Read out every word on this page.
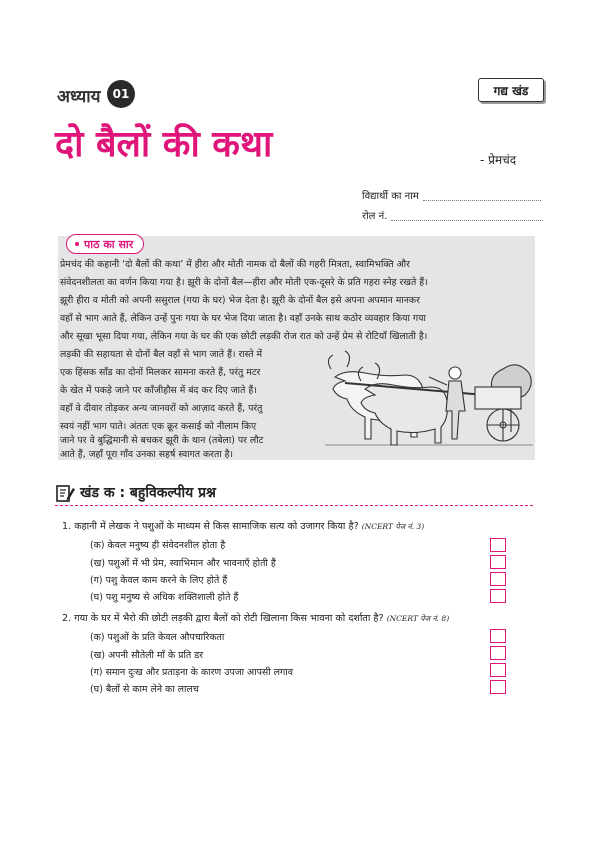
अध्याय	01	गद्य खंड
दो बैलों की कथा	- प्रेमचंद
विद्यार्थी का नाम
रोल नं.
पाठ का सार
प्रेमचंद की कहानी ‘दो बैलों की कथा’ में हीरा और मोती नामक दो बैलों की गहरी मित्रता, स्वामिभक्ति और
संवेदनशीलता का वर्णन किया गया है। झूरी के दोनों बैल—हीरा और मोती एक-दूसरे के प्रति गहरा स्नेह रखते हैं।
झूरी हीरा व मोती को अपनी ससुराल (गया के घर) भेज देता है। झूरी के दोनों बैल इसे अपना अपमान मानकर
वहाँ से भाग आते हैं, लेकिन उन्हें पुनः गया के घर भेज दिया जाता है। वहाँ उनके साथ कठोर व्यवहार किया गया
और सूखा भूसा दिया गया, लेकिन गया के घर की एक छोटी लड़की रोज रात को उन्हें प्रेम से रोटियाँ खिलाती है।
लड़की की सहायता से दोनों बैल वहाँ से भाग जाते हैं। रास्ते में
एक हिंसक साँड का दोनों मिलकर सामना करते हैं, परंतु मटर
के खेत में पकड़े जाने पर काँजीहौस में बंद कर दिए जाते हैं।
वहाँ वे दीवार तोड़कर अन्य जानवरों को आज़ाद करते हैं, परंतु
स्वयं नहीं भाग पाते। अंततः एक क्रूर कसाई को नीलाम किए
जाने पर वे बुद्धिमानी से बचकर झूरी के थान (तबेला) पर लौट
आते हैं, जहाँ पूरा गाँव उनका सहर्ष स्वागत करता है।
खंड क : बहुविकल्पीय प्रश्न
1. कहानी में लेखक ने पशुओं के माध्यम से किस सामाजिक सत्य को उजागर किया है? (NCERT पेज नं. 3)
(क) केवल मनुष्य ही संवेदनशील होता है
(ख) पशुओं में भी प्रेम, स्वाभिमान और भावनाएँ होती हैं
(ग) पशु केवल काम करने के लिए होते हैं
(घ) पशु मनुष्य से अधिक शक्तिशाली होते हैं
2. गया के घर में भैरो की छोटी लड़की द्वारा बैलों को रोटी खिलाना किस भावना को दर्शाता है? (NCERT पेज नं. 8)
(क) पशुओं के प्रति केवल औपचारिकता
(ख) अपनी सौतेली माँ के प्रति डर
(ग) समान दुःख और प्रताड़ना के कारण उपजा आपसी लगाव
(घ) बैलों से काम लेने का लालच
